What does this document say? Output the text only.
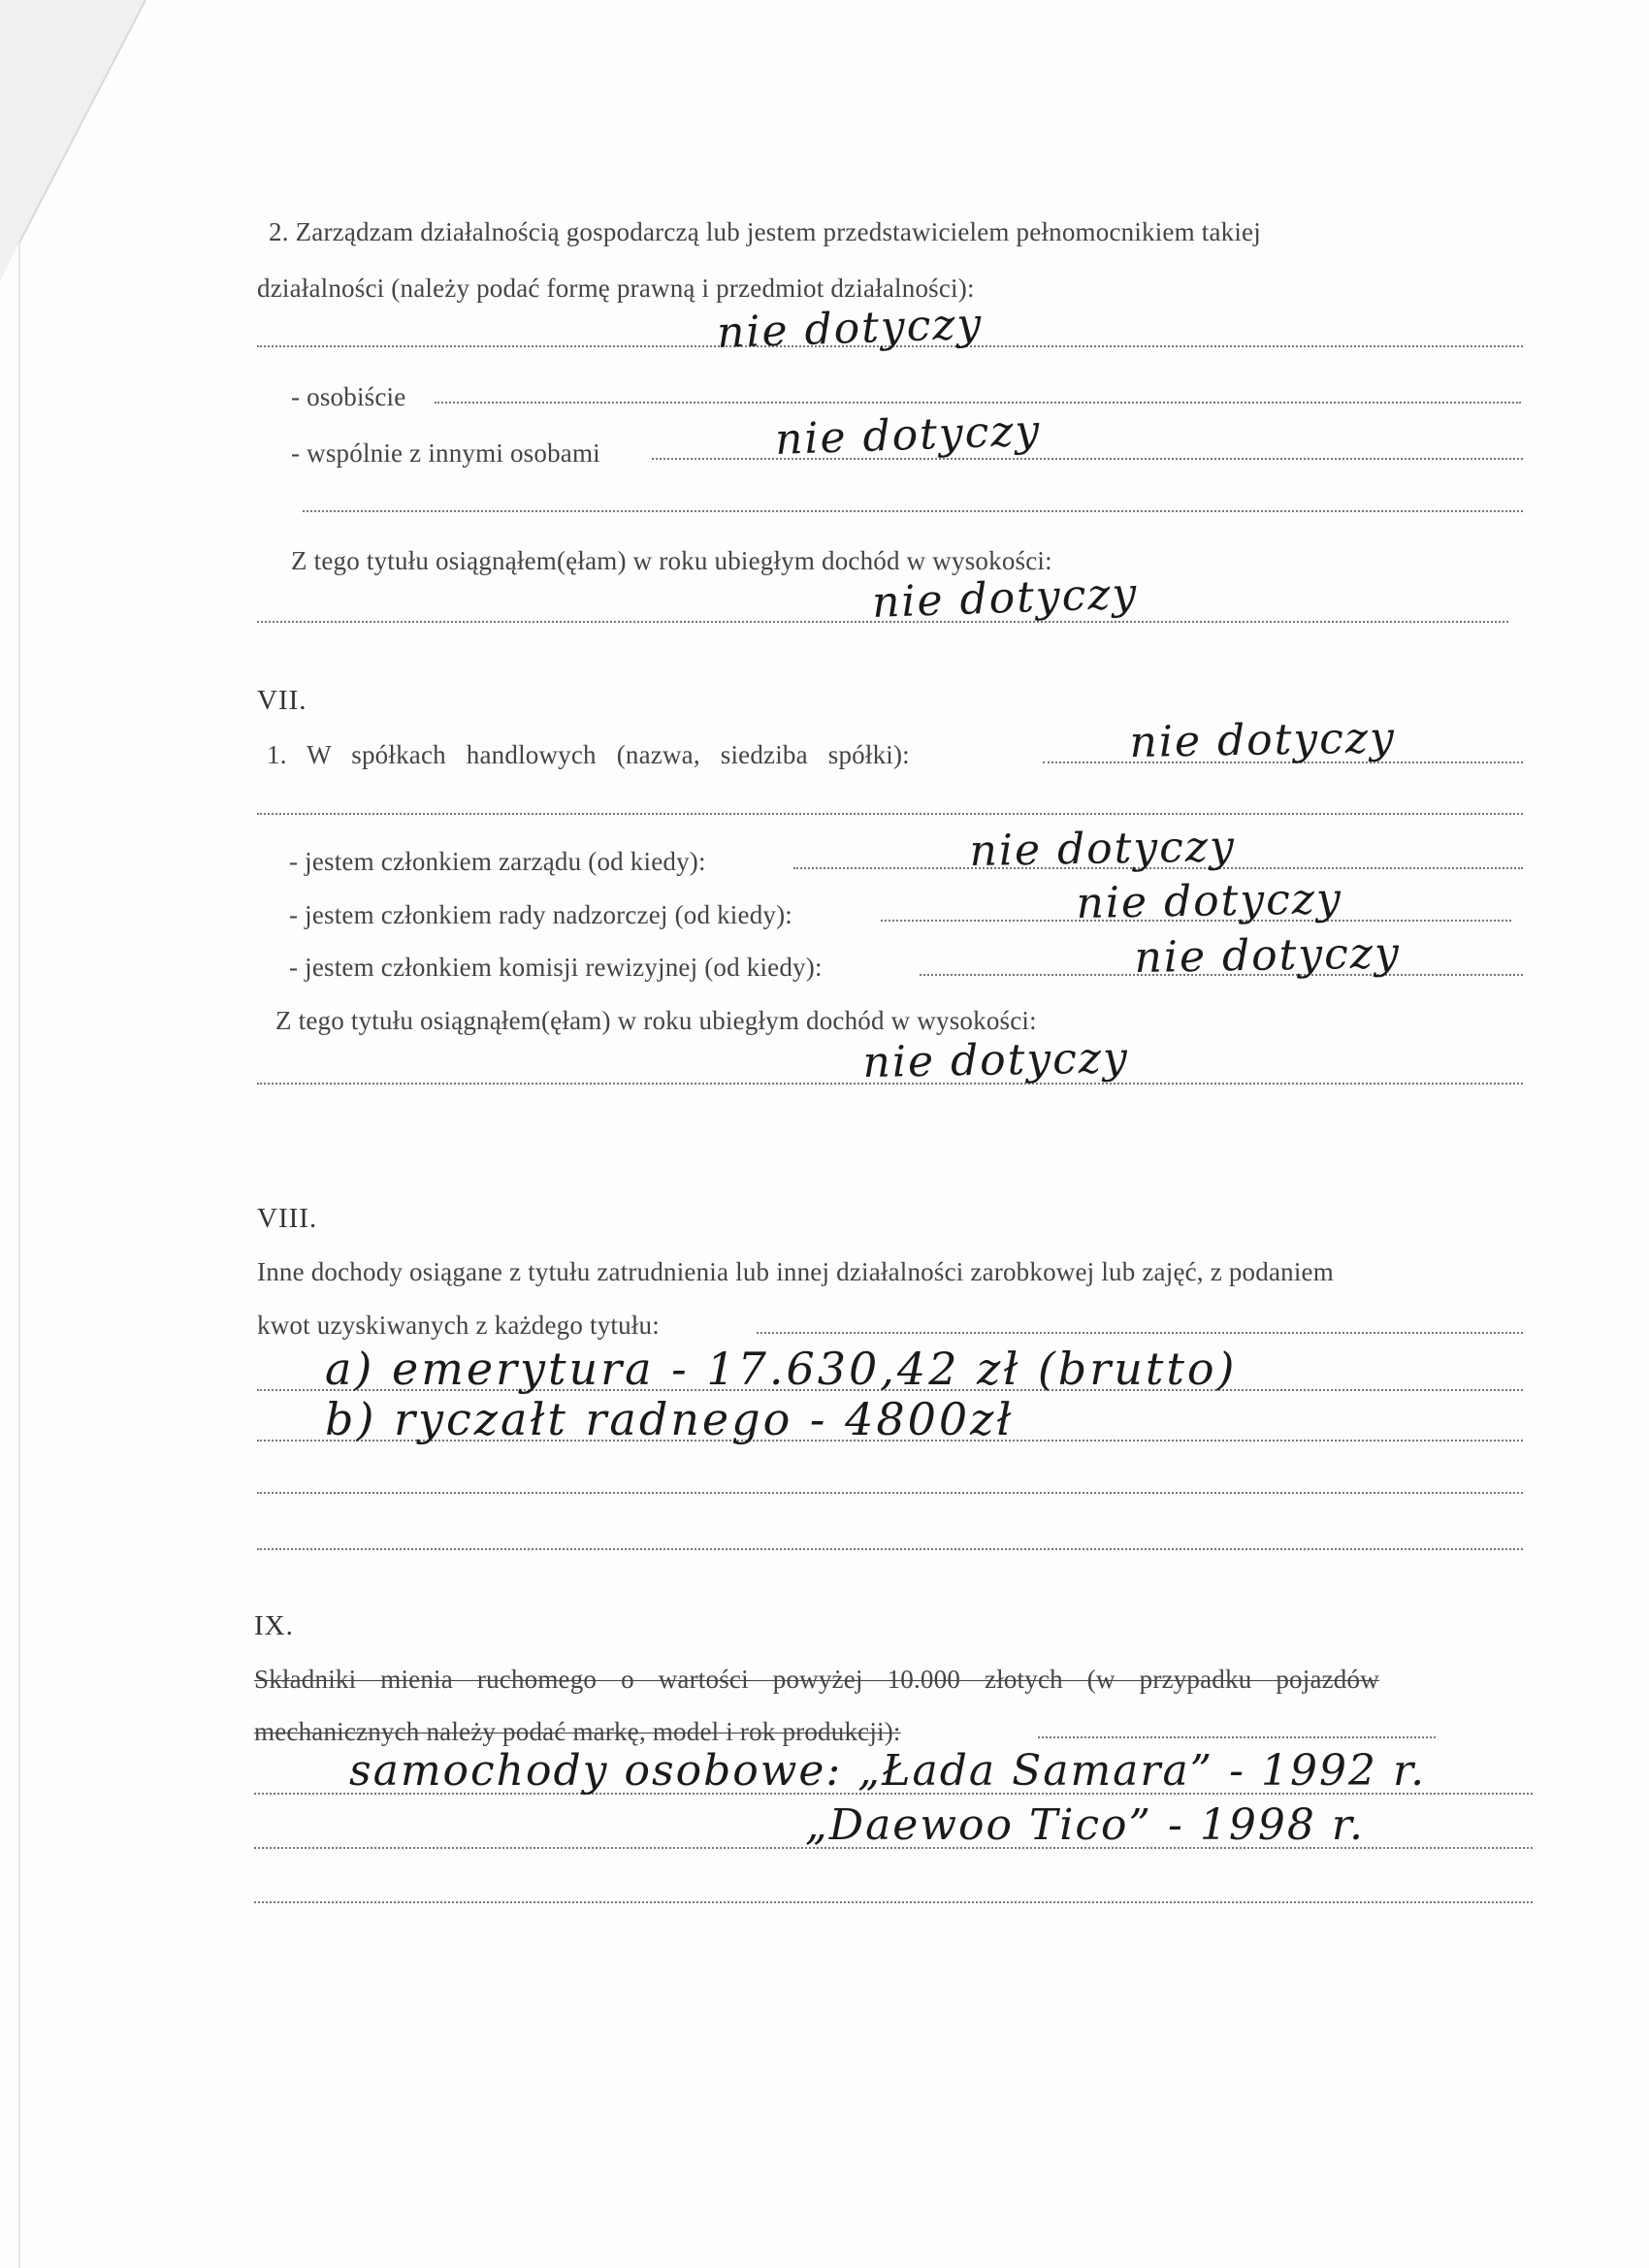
2. Zarządzam działalnością gospodarczą lub jestem przedstawicielem pełnomocnikiem takiej
działalności (należy podać formę prawną i przedmiot działalności):
nie dotyczy
- osobiście
- wspólnie z innymi osobami	nie dotyczy
Z tego tytułu osiągnąłem(ęłam) w roku ubiegłym dochód w wysokości:
nie dotyczy
VII.
1. W spółkach handlowych (nazwa, siedziba spółki):	nie dotyczy
- jestem członkiem zarządu (od kiedy):	nie dotyczy
- jestem członkiem rady nadzorczej (od kiedy):	nie dotyczy
- jestem członkiem komisji rewizyjnej (od kiedy):	nie dotyczy
Z tego tytułu osiągnąłem(ęłam) w roku ubiegłym dochód w wysokości:
nie dotyczy
VIII.
Inne dochody osiągane z tytułu zatrudnienia lub innej działalności zarobkowej lub zajęć, z podaniem
kwot uzyskiwanych z każdego tytułu:
a) emerytura - 17.630,42 zł (brutto)
b) ryczałt radnego - 4800zł
IX.
Składniki mienia ruchomego o wartości powyżej 10.000 złotych (w przypadku pojazdów
mechanicznych należy podać markę, model i rok produkcji):
samochody osobowe: „Łada Samara” - 1992 r.
„Daewoo Tico” - 1998 r.
